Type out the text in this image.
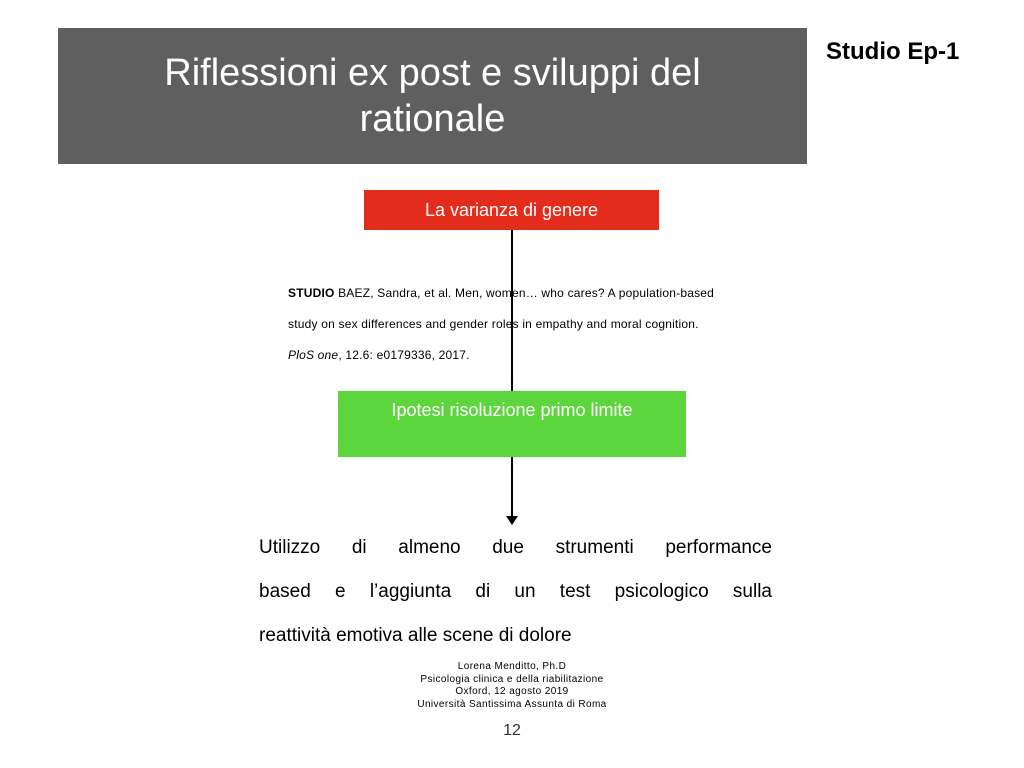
Riflessioni ex post e sviluppi del
rationale
Studio Ep-1
La varianza di genere

STUDIO BAEZ, Sandra, et al. Men, women… who cares? A population-based

study on sex differences and gender roles in empathy and moral cognition.

PloS one, 12.6: e0179336, 2017.

Ipotesi risoluzione primo limite

Utilizzo di almeno due strumenti performance

based e l’aggiunta di un test psicologico sulla

reattività emotiva alle scene di dolore

Lorena Menditto, Ph.D

Psicologia clinica e della riabilitazione

Oxford, 12 agosto 2019

Università Santissima Assunta di Roma

12
